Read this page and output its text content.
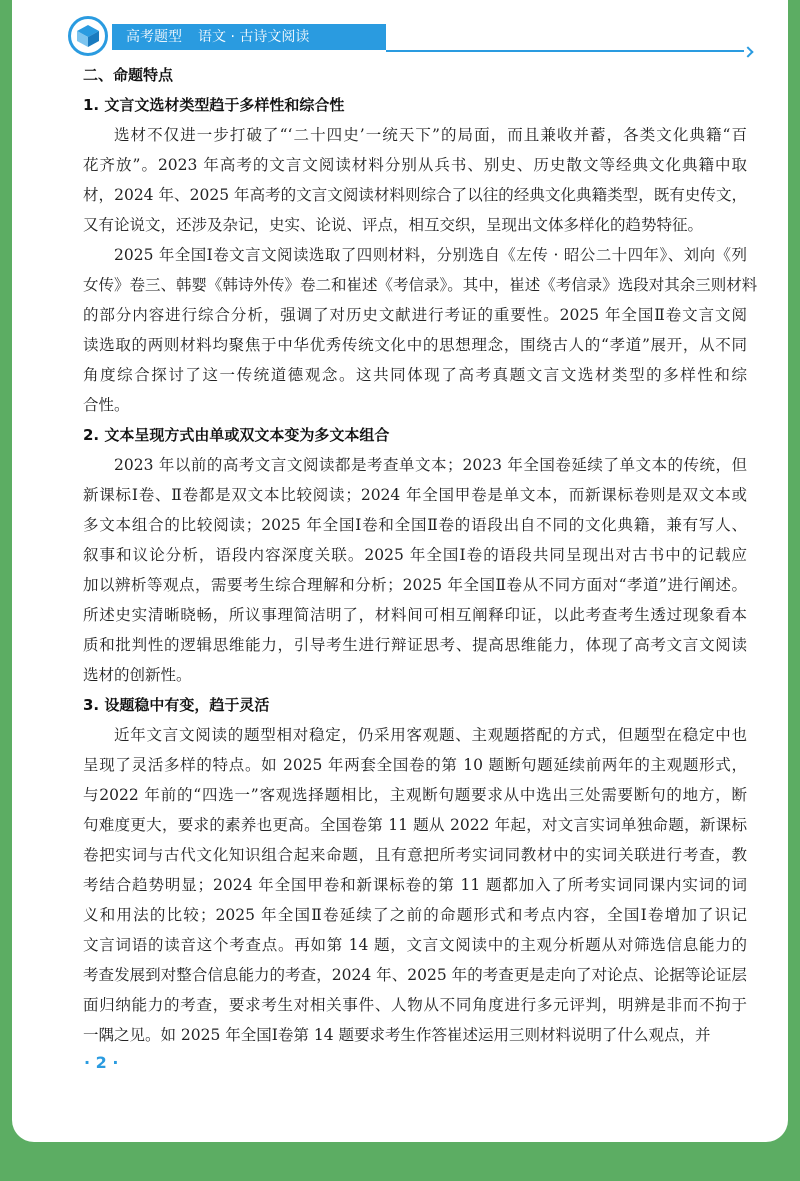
高考题型 语文 · 古诗文阅读
二、命题特点
1. 文言文选材类型趋于多样性和综合性
选材不仅进一步打破了“‘二十四史’一统天下”的局面，而且兼收并蓄，各类文化典籍“百
花齐放”。2023 年高考的文言文阅读材料分别从兵书、别史、历史散文等经典文化典籍中取
材，2024 年、2025 年高考的文言文阅读材料则综合了以往的经典文化典籍类型，既有史传文，
又有论说文，还涉及杂记，史实、论说、评点，相互交织，呈现出文体多样化的趋势特征。
2025 年全国Ⅰ卷文言文阅读选取了四则材料，分别选自《左传 · 昭公二十四年》、刘向《列
女传》卷三、韩婴《韩诗外传》卷二和崔述《考信录》。其中，崔述《考信录》选段对其余三则材料
的部分内容进行综合分析，强调了对历史文献进行考证的重要性。2025 年全国Ⅱ卷文言文阅
读选取的两则材料均聚焦于中华优秀传统文化中的思想理念，围绕古人的“孝道”展开，从不同
角度综合探讨了这一传统道德观念。这共同体现了高考真题文言文选材类型的多样性和综
合性。
2. 文本呈现方式由单或双文本变为多文本组合
2023 年以前的高考文言文阅读都是考查单文本；2023 年全国卷延续了单文本的传统，但
新课标Ⅰ卷、Ⅱ卷都是双文本比较阅读；2024 年全国甲卷是单文本，而新课标卷则是双文本或
多文本组合的比较阅读；2025 年全国Ⅰ卷和全国Ⅱ卷的语段出自不同的文化典籍，兼有写人、
叙事和议论分析，语段内容深度关联。2025 年全国Ⅰ卷的语段共同呈现出对古书中的记载应
加以辨析等观点，需要考生综合理解和分析；2025 年全国Ⅱ卷从不同方面对“孝道”进行阐述。
所述史实清晰晓畅，所议事理简洁明了，材料间可相互阐释印证，以此考查考生透过现象看本
质和批判性的逻辑思维能力，引导考生进行辩证思考、提高思维能力，体现了高考文言文阅读
选材的创新性。
3. 设题稳中有变，趋于灵活
近年文言文阅读的题型相对稳定，仍采用客观题、主观题搭配的方式，但题型在稳定中也
呈现了灵活多样的特点。如 2025 年两套全国卷的第 10 题断句题延续前两年的主观题形式，
与2022 年前的“四选一”客观选择题相比，主观断句题要求从中选出三处需要断句的地方，断
句难度更大，要求的素养也更高。全国卷第 11 题从 2022 年起，对文言实词单独命题，新课标
卷把实词与古代文化知识组合起来命题，且有意把所考实词同教材中的实词关联进行考查，教
考结合趋势明显；2024 年全国甲卷和新课标卷的第 11 题都加入了所考实词同课内实词的词
义和用法的比较；2025 年全国Ⅱ卷延续了之前的命题形式和考点内容，全国Ⅰ卷增加了识记
文言词语的读音这个考查点。再如第 14 题，文言文阅读中的主观分析题从对筛选信息能力的
考查发展到对整合信息能力的考查，2024 年、2025 年的考查更是走向了对论点、论据等论证层
面归纳能力的考查，要求考生对相关事件、人物从不同角度进行多元评判，明辨是非而不拘于
一隅之见。如 2025 年全国Ⅰ卷第 14 题要求考生作答崔述运用三则材料说明了什么观点，并
· 2 ·
